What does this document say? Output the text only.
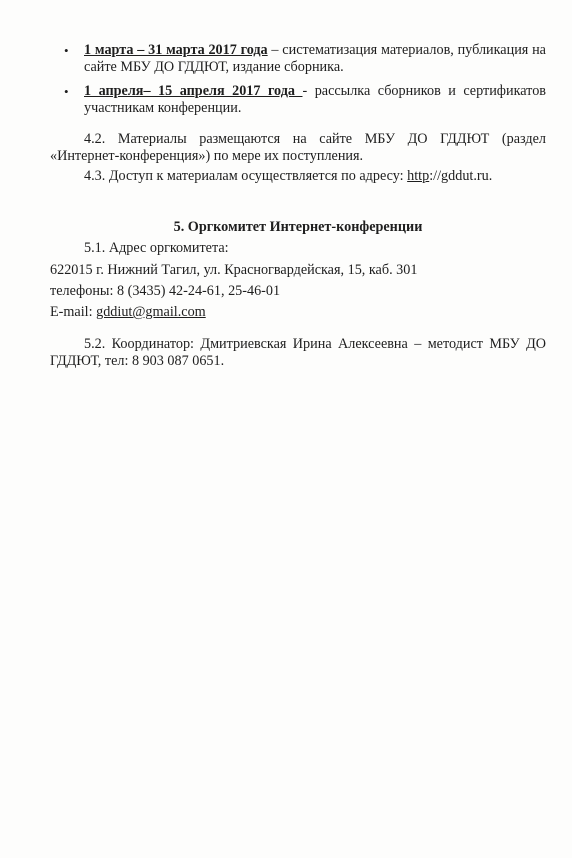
• 1 марта – 31 марта 2017 года – систематизация материалов, публикация на сайте МБУ ДО ГДДЮТ, издание сборника.
• 1 апреля– 15 апреля 2017 года - рассылка сборников и сертификатов участникам конференции.
4.2. Материалы размещаются на сайте МБУ ДО ГДДЮТ (раздел «Интернет-конференция») по мере их поступления.
4.3. Доступ к материалам осуществляется по адресу: http://gddut.ru.
5. Оргкомитет Интернет-конференции
5.1. Адрес оргкомитета:
622015 г. Нижний Тагил, ул. Красногвардейская, 15, каб. 301
телефоны: 8 (3435) 42-24-61, 25-46-01
E-mail: gddiut@gmail.com
5.2. Координатор: Дмитриевская Ирина Алексеевна – методист МБУ ДО ГДДЮТ, тел: 8 903 087 0651.
